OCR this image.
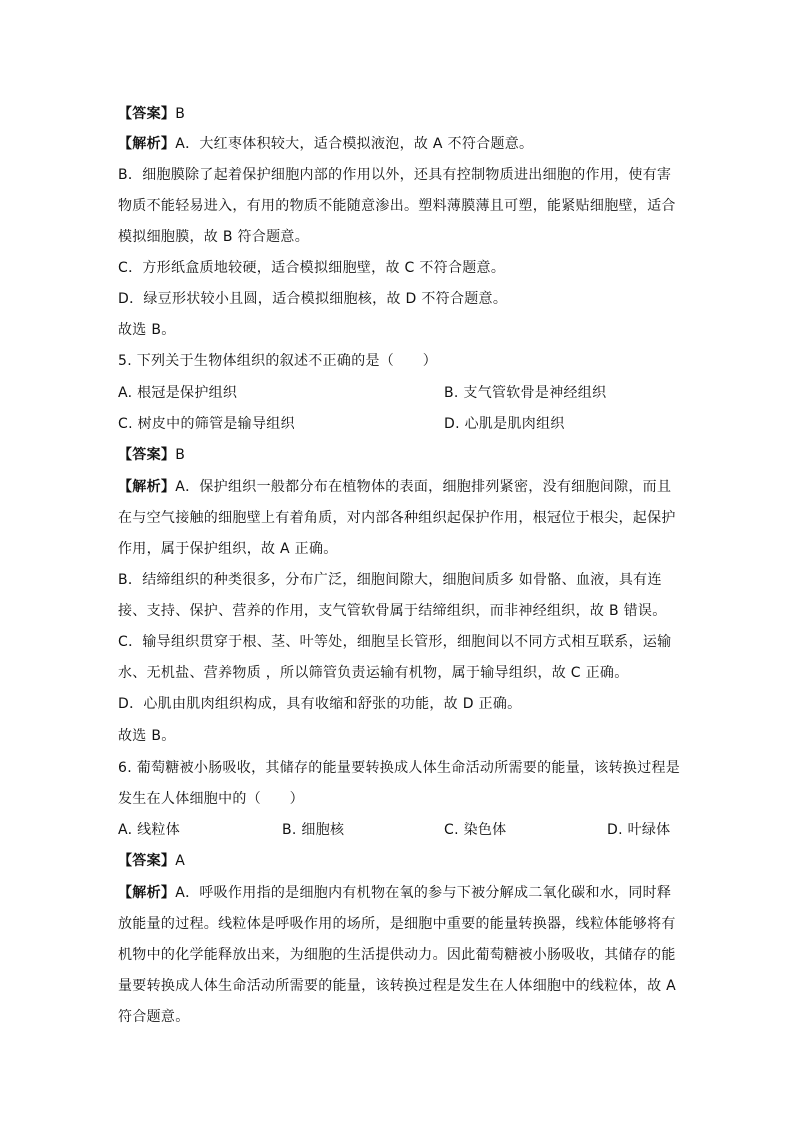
【答案】B
【解析】A．大红枣体积较大，适合模拟液泡，故 A 不符合题意。
B．细胞膜除了起着保护细胞内部的作用以外，还具有控制物质进出细胞的作用，使有害
物质不能轻易进入，有用的物质不能随意渗出。塑料薄膜薄且可塑，能紧贴细胞壁，适合
模拟细胞膜，故 B 符合题意。
C．方形纸盒质地较硬，适合模拟细胞壁，故 C 不符合题意。
D．绿豆形状较小且圆，适合模拟细胞核，故 D 不符合题意。
故选 B。
5. 下列关于生物体组织的叙述不正确的是（　　）
A. 根冠是保护组织	B. 支气管软骨是神经组织
C. 树皮中的筛管是输导组织	D. 心肌是肌肉组织
【答案】B
【解析】A．保护组织一般都分布在植物体的表面，细胞排列紧密，没有细胞间隙，而且
在与空气接触的细胞壁上有着角质，对内部各种组织起保护作用，根冠位于根尖，起保护
作用，属于保护组织，故 A 正确。
B．结缔组织的种类很多，分布广泛，细胞间隙大，细胞间质多 如骨骼、血液，具有连
接、支持、保护、营养的作用，支气管软骨属于结缔组织，而非神经组织，故 B 错误。
C．输导组织贯穿于根、茎、叶等处，细胞呈长管形，细胞间以不同方式相互联系，运输
水、无机盐、营养物质 ，所以筛管负责运输有机物，属于输导组织，故 C 正确。
D．心肌由肌肉组织构成，具有收缩和舒张的功能，故 D 正确。
故选 B。
6. 葡萄糖被小肠吸收，其储存的能量要转换成人体生命活动所需要的能量，该转换过程是
发生在人体细胞中的（　　）
A. 线粒体	B. 细胞核	C. 染色体	D. 叶绿体
【答案】A
【解析】A．呼吸作用指的是细胞内有机物在氧的参与下被分解成二氧化碳和水，同时释
放能量的过程。线粒体是呼吸作用的场所，是细胞中重要的能量转换器，线粒体能够将有
机物中的化学能释放出来，为细胞的生活提供动力。因此葡萄糖被小肠吸收，其储存的能
量要转换成人体生命活动所需要的能量，该转换过程是发生在人体细胞中的线粒体，故 A
符合题意。
